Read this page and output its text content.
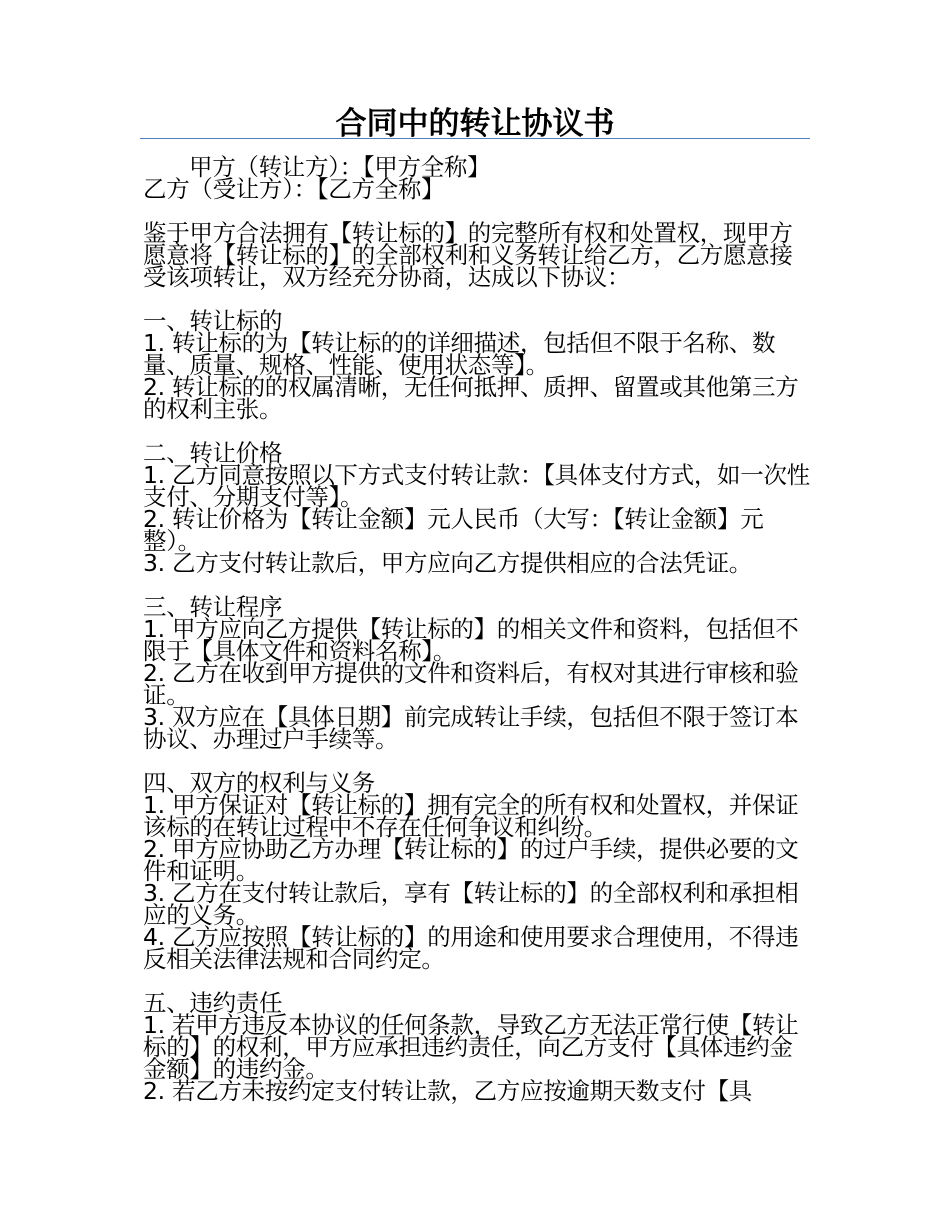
合同中的转让协议书

甲方（转让方）：【甲方全称】

乙方（受让方）：【乙方全称】

鉴于甲方合法拥有【转让标的】的完整所有权和处置权，现甲方愿意将【转让标的】的全部权利和义务转让给乙方，乙方愿意接受该项转让，双方经充分协商，达成以下协议：

一、转让标的

1. 转让标的为【转让标的的详细描述，包括但不限于名称、数量、质量、规格、性能、使用状态等】。

2. 转让标的的权属清晰，无任何抵押、质押、留置或其他第三方的权利主张。

二、转让价格

1. 乙方同意按照以下方式支付转让款：【具体支付方式，如一次性支付、分期支付等】。

2. 转让价格为【转让金额】元人民币（大写：【转让金额】元整）。

3. 乙方支付转让款后，甲方应向乙方提供相应的合法凭证。

三、转让程序

1. 甲方应向乙方提供【转让标的】的相关文件和资料，包括但不限于【具体文件和资料名称】。

2. 乙方在收到甲方提供的文件和资料后，有权对其进行审核和验证。

3. 双方应在【具体日期】前完成转让手续，包括但不限于签订本协议、办理过户手续等。

四、双方的权利与义务

1. 甲方保证对【转让标的】拥有完全的所有权和处置权，并保证该标的在转让过程中不存在任何争议和纠纷。

2. 甲方应协助乙方办理【转让标的】的过户手续，提供必要的文件和证明。

3. 乙方在支付转让款后，享有【转让标的】的全部权利和承担相应的义务。

4. 乙方应按照【转让标的】的用途和使用要求合理使用，不得违反相关法律法规和合同约定。

五、违约责任

1. 若甲方违反本协议的任何条款，导致乙方无法正常行使【转让标的】的权利，甲方应承担违约责任，向乙方支付【具体违约金金额】的违约金。

2. 若乙方未按约定支付转让款，乙方应按逾期天数支付【具
